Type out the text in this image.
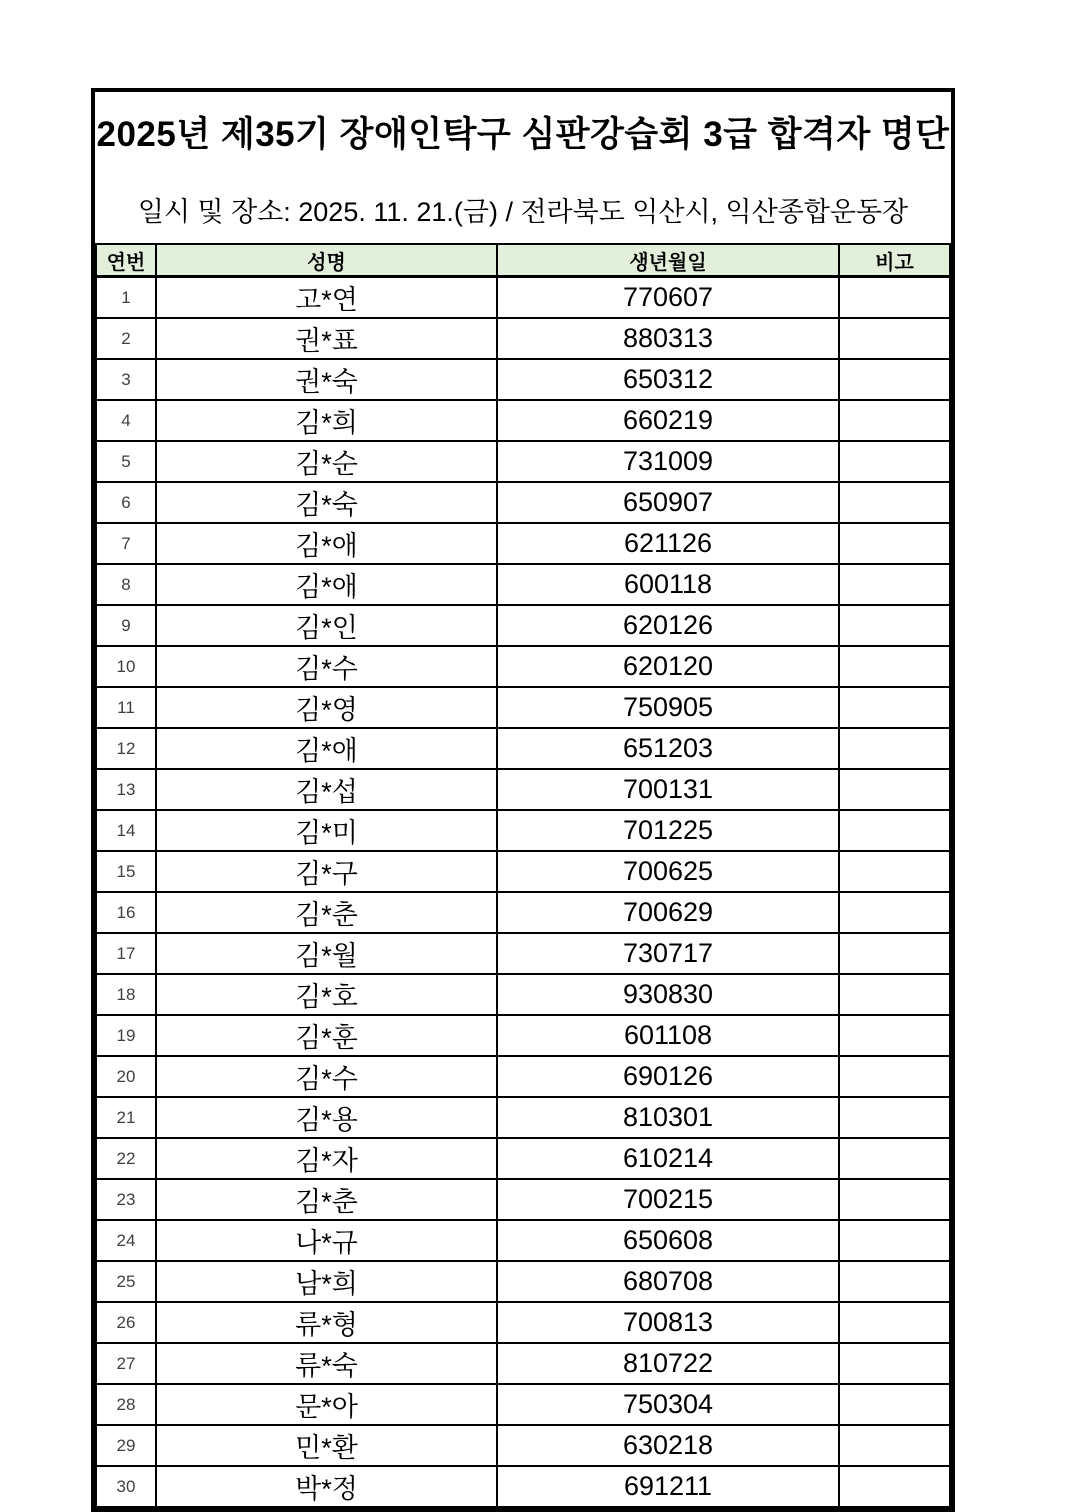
2025년 제35기 장애인탁구 심판강습회 3급 합격자 명단
일시 및 장소: 2025. 11. 21.(금) / 전라북도 익산시, 익산종합운동장
연번	성명	생년월일	비고
1	고*연	770607	
2	권*표	880313	
3	권*숙	650312	
4	김*희	660219	
5	김*순	731009	
6	김*숙	650907	
7	김*애	621126	
8	김*애	600118	
9	김*인	620126	
10	김*수	620120	
11	김*영	750905	
12	김*애	651203	
13	김*섭	700131	
14	김*미	701225	
15	김*구	700625	
16	김*춘	700629	
17	김*월	730717	
18	김*호	930830	
19	김*훈	601108	
20	김*수	690126	
21	김*용	810301	
22	김*자	610214	
23	김*춘	700215	
24	나*규	650608	
25	남*희	680708	
26	류*형	700813	
27	류*숙	810722	
28	문*아	750304	
29	민*환	630218	
30	박*정	691211	
